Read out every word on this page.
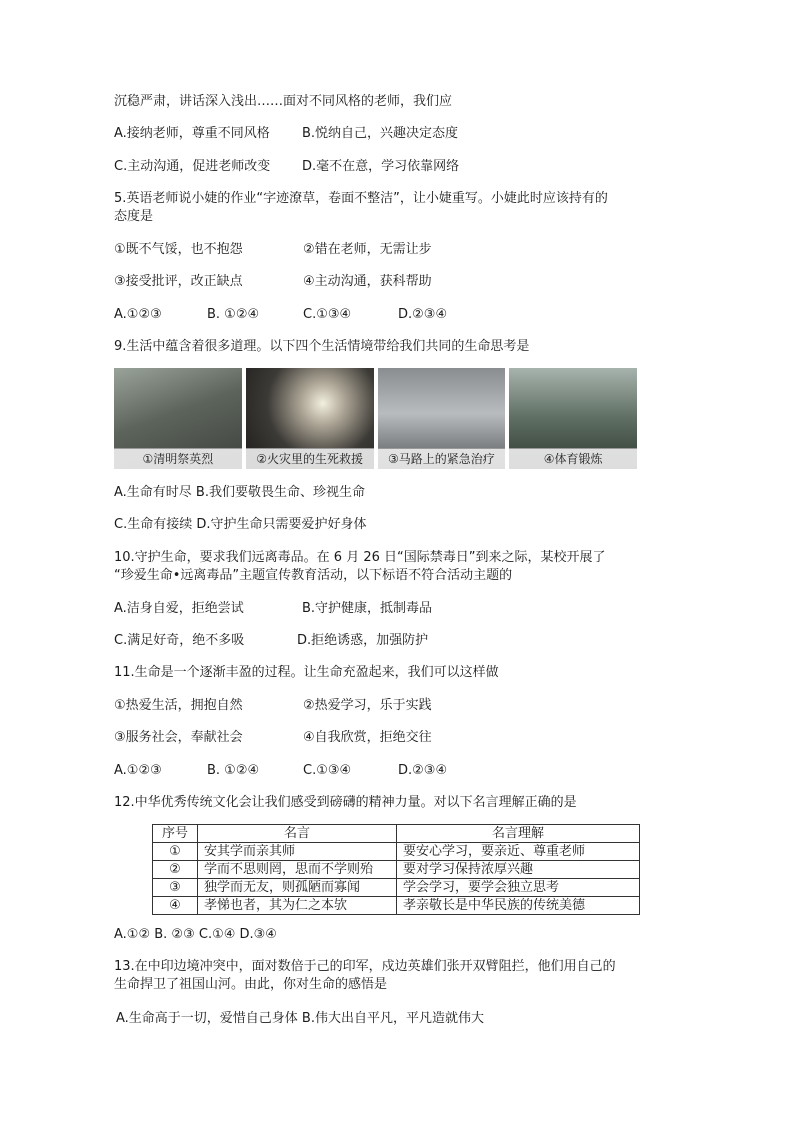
沉稳严肃，讲话深入浅出……面对不同风格的老师，我们应
A.接纳老师，尊重不同风格 B.悦纳自己，兴趣决定态度
C.主动沟通，促进老师改变 D.毫不在意，学习依靠网络
5.英语老师说小婕的作业“字迹潦草，卷面不整洁”，让小婕重写。小婕此时应该持有的
态度是
①既不气馁，也不抱怨	②错在老师，无需让步
③接受批评，改正缺点	④主动沟通，获科帮助
A.①②③	B. ①②④	C.①③④	D.②③④
9.生活中蕴含着很多道理。以下四个生活情境带给我们共同的生命思考是
①清明祭英烈	②火灾里的生死救援	③马路上的紧急治疗	④体育锻炼
A.生命有时尽 B.我们要敬畏生命、珍视生命
C.生命有接续 D.守护生命只需要爱护好身体
10.守护生命，要求我们远离毒品。在 6 月 26 日“国际禁毒日”到来之际，某校开展了
“珍爱生命•远离毒品”主题宣传教育活动，以下标语不符合活动主题的
A.洁身自爱，拒绝尝试	B.守护健康，抵制毒品
C.满足好奇，绝不多吸	D.拒绝诱惑，加强防护
11.生命是一个逐渐丰盈的过程。让生命充盈起来，我们可以这样做
①热爱生活，拥抱自然	②热爱学习，乐于实践
③服务社会，奉献社会	④自我欣赏，拒绝交往
A.①②③	B. ①②④	C.①③④	D.②③④
12.中华优秀传统文化会让我们感受到磅礴的精神力量。对以下名言理解正确的是
序号	名言	名言理解
①	安其学而亲其师	要安心学习，要亲近、尊重老师
②	学而不思则罔，思而不学则殆	要对学习保持浓厚兴趣
③	独学而无友，则孤陋而寡闻	学会学习，要学会独立思考
④	孝悌也者，其为仁之本欤	孝亲敬长是中华民族的传统美德
A.①② B. ②③ C.①④ D.③④
13.在中印边境冲突中，面对数倍于己的印军，戍边英雄们张开双臂阻拦，他们用自己的
生命捍卫了祖国山河。由此，你对生命的感悟是
A.生命高于一切，爱惜自己身体 B.伟大出自平凡，平凡造就伟大
